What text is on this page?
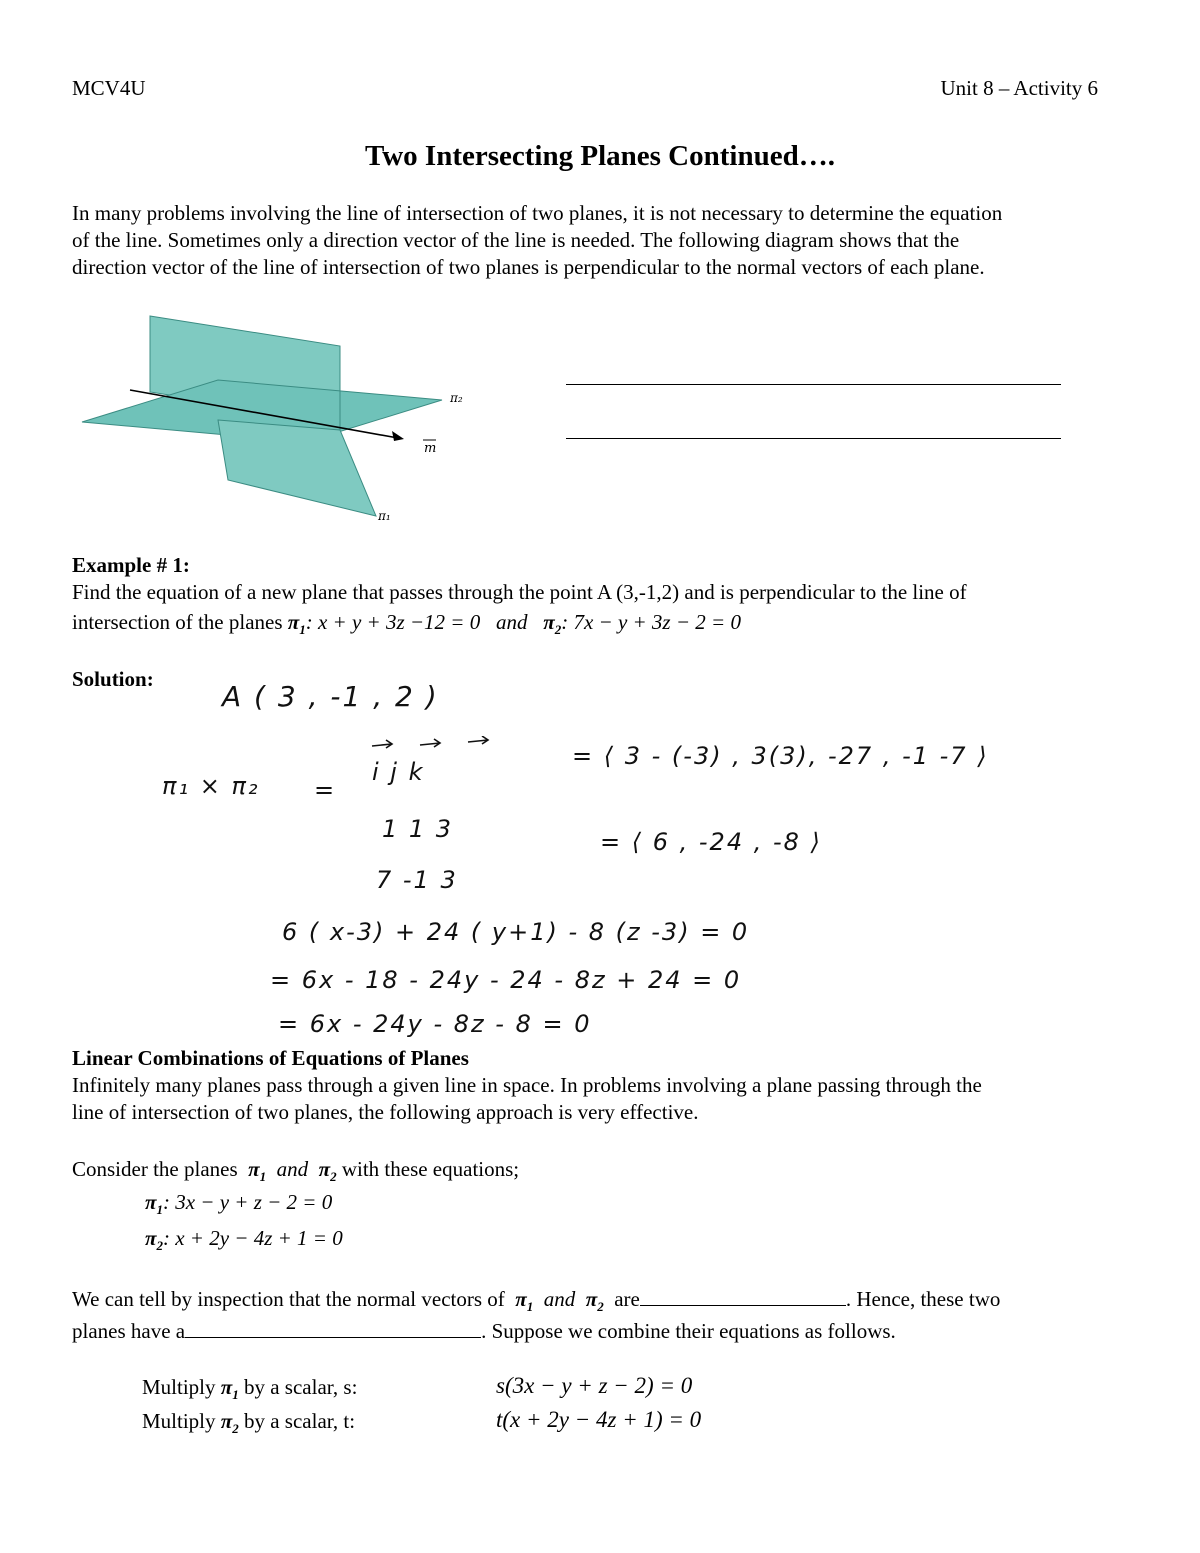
MCV4U	Unit 8 – Activity 6
Two Intersecting Planes Continued….
In many problems involving the line of intersection of two planes, it is not necessary to determine the equation
of the line. Sometimes only a direction vector of the line is needed. The following diagram shows that the
direction vector of the line of intersection of two planes is perpendicular to the normal vectors of each plane.
π₂
m
π₁
Example # 1:
Find the equation of a new plane that passes through the point A (3,-1,2) and is perpendicular to the line of
intersection of the planes $\pi_1$: x + y + 3z −12 = 0 and $\pi_2$: 7x − y + 3z − 2 = 0
Solution:
A ( 3 , -1 , 2 )
π₁ × π₂ =
i j k
1 1 3
7 -1 3
= ⟨ 3 - (-3) , 3(3), -27 , -1 -7 ⟩
= ⟨ 6 , -24 , -8 ⟩
6 ( x-3) + 24 ( y+1) - 8 (z -3) = 0
= 6x - 18 - 24y - 24 - 8z + 24 = 0
= 6x - 24y - 8z - 8 = 0
Linear Combinations of Equations of Planes
Infinitely many planes pass through a given line in space. In problems involving a plane passing through the
line of intersection of two planes, the following approach is very effective.
Consider the planes $\pi_1$ and $\pi_2$ with these equations;
$\pi_1$: 3x − y + z − 2 = 0
$\pi_2$: x + 2y − 4z + 1 = 0
We can tell by inspection that the normal vectors of $\pi_1$ and $\pi_2$ are	. Hence, these two
planes have a	. Suppose we combine their equations as follows.
Multiply $\pi_1$ by a scalar, s:	s(3x − y + z − 2) = 0
Multiply $\pi_2$ by a scalar, t:	t(x + 2y − 4z + 1) = 0
